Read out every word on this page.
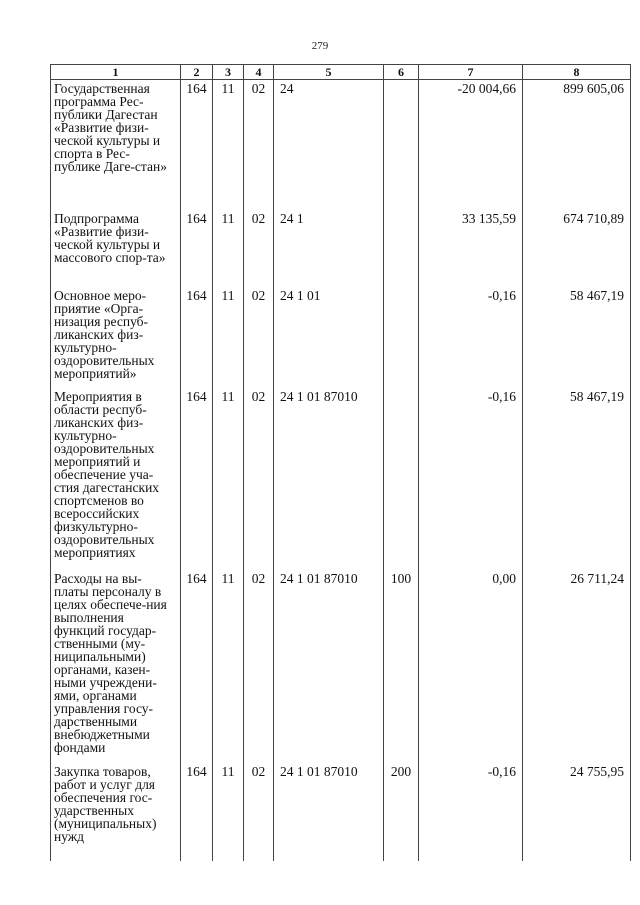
279
1	2	3	4	5	6	7	8
Государственная программа Рес-публики Дагестан «Развитие физи-ческой культуры и спорта в Рес-публике Даге-стан»	164	11	02	24		-20 004,66	899 605,06
Подпрограмма «Развитие физи-ческой культуры и массового спор-та»	164	11	02	24 1		33 135,59	674 710,89
Основное меро-приятие «Орга-низация респуб-ликанских физ-культурно-оздоровительных мероприятий»	164	11	02	24 1 01		-0,16	58 467,19
Мероприятия в области респуб-ликанских физ-культурно-оздоровительных мероприятий и обеспечение уча-стия дагестанских спортсменов во всероссийских физкультурно-оздоровительных мероприятиях	164	11	02	24 1 01 87010		-0,16	58 467,19
Расходы на вы-платы персоналу в целях обеспече-ния выполнения функций государ-ственными (му-ниципальными) органами, казен-ными учреждени-ями, органами управления госу-дарственными внебюджетными фондами	164	11	02	24 1 01 87010	100	0,00	26 711,24
Закупка товаров, работ и услуг для обеспечения гос-ударственных (муниципальных) нужд	164	11	02	24 1 01 87010	200	-0,16	24 755,95
